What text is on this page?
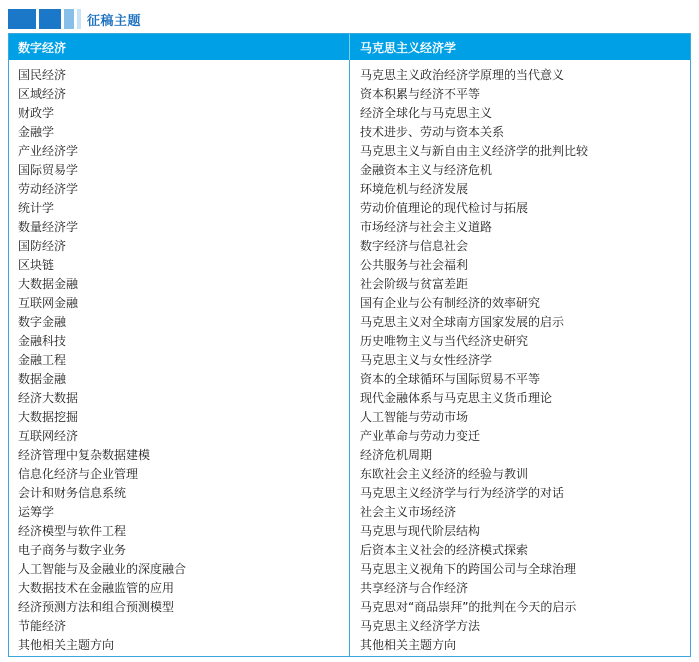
征稿主题
数字经济	马克思主义经济学
国民经济
区域经济
财政学
金融学
产业经济学
国际贸易学
劳动经济学
统计学
数量经济学
国防经济
区块链
大数据金融
互联网金融
数字金融
金融科技
金融工程
数据金融
经济大数据
大数据挖掘
互联网经济
经济管理中复杂数据建模
信息化经济与企业管理
会计和财务信息系统
运筹学
经济模型与软件工程
电子商务与数字业务
人工智能与及金融业的深度融合
大数据技术在金融监管的应用
经济预测方法和组合预测模型
节能经济
其他相关主题方向
马克思主义政治经济学原理的当代意义
资本积累与经济不平等
经济全球化与马克思主义
技术进步、劳动与资本关系
马克思主义与新自由主义经济学的批判比较
金融资本主义与经济危机
环境危机与经济发展
劳动价值理论的现代检讨与拓展
市场经济与社会主义道路
数字经济与信息社会
公共服务与社会福利
社会阶级与贫富差距
国有企业与公有制经济的效率研究
马克思主义对全球南方国家发展的启示
历史唯物主义与当代经济史研究
马克思主义与女性经济学
资本的全球循环与国际贸易不平等
现代金融体系与马克思主义货币理论
人工智能与劳动市场
产业革命与劳动力变迁
经济危机周期
东欧社会主义经济的经验与教训
马克思主义经济学与行为经济学的对话
社会主义市场经济
马克思与现代阶层结构
后资本主义社会的经济模式探索
马克思主义视角下的跨国公司与全球治理
共享经济与合作经济
马克思对“商品崇拜”的批判在今天的启示
马克思主义经济学方法
其他相关主题方向
